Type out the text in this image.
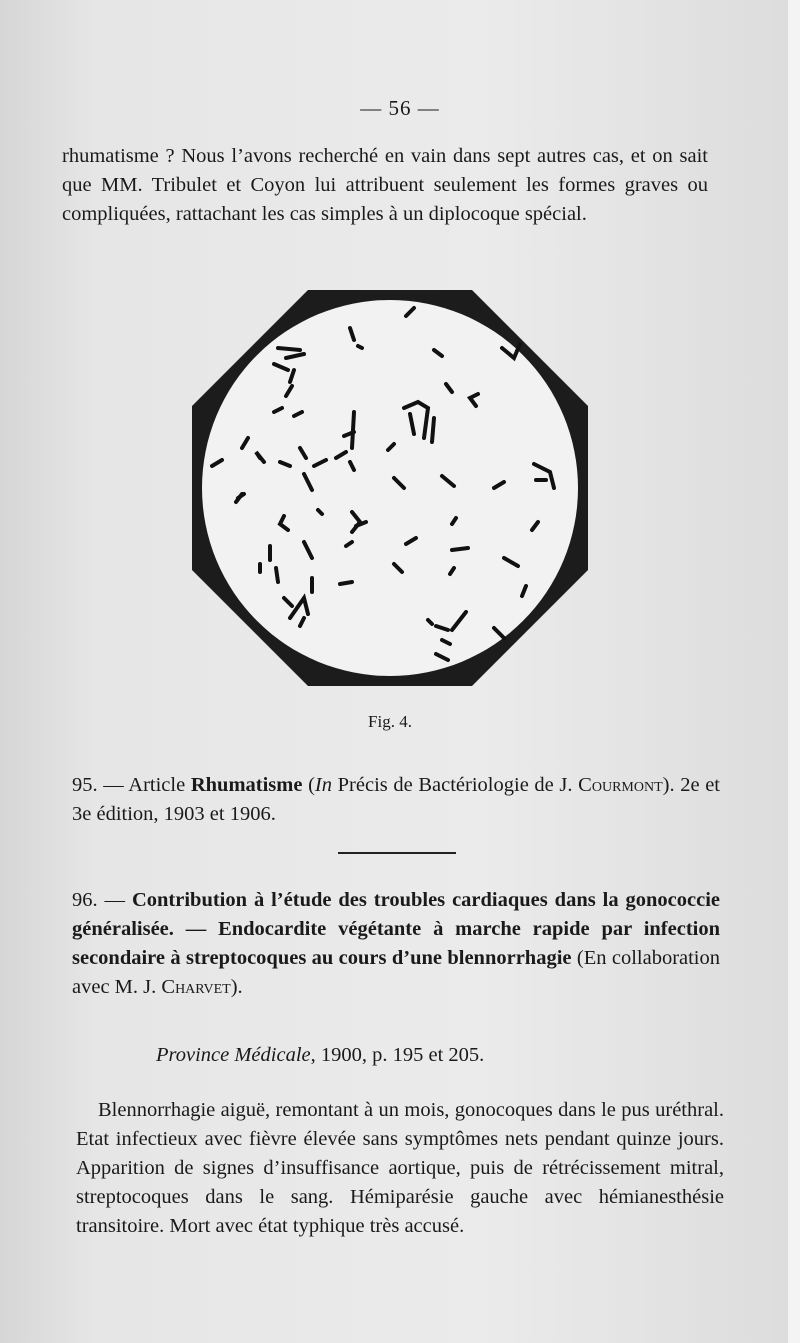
— 56 —
rhumatisme ? Nous l’avons recherché en vain dans sept autres cas, et on sait que MM. Tribulet et Coyon lui attribuent seulement les formes graves ou compliquées, rattachant les cas simples à un diplocoque spécial.
Fig. 4.
95. — Article Rhumatisme (In Précis de Bactériologie de J. Courmont). 2e et 3e édition, 1903 et 1906.
96. — Contribution à l’étude des troubles cardiaques dans la gonococcie généralisée. — Endocardite végétante à marche rapide par infection secondaire à streptocoques au cours d’une blennorrhagie (En collaboration avec M. J. Charvet).
Province Médicale, 1900, p. 195 et 205.
Blennorrhagie aiguë, remontant à un mois, gonocoques dans le pus uréthral. Etat infectieux avec fièvre élevée sans symptômes nets pendant quinze jours. Apparition de signes d’insuffisance aortique, puis de rétrécissement mitral, streptocoques dans le sang. Hémiparésie gauche avec hémianesthésie transitoire. Mort avec état typhique très accusé.
